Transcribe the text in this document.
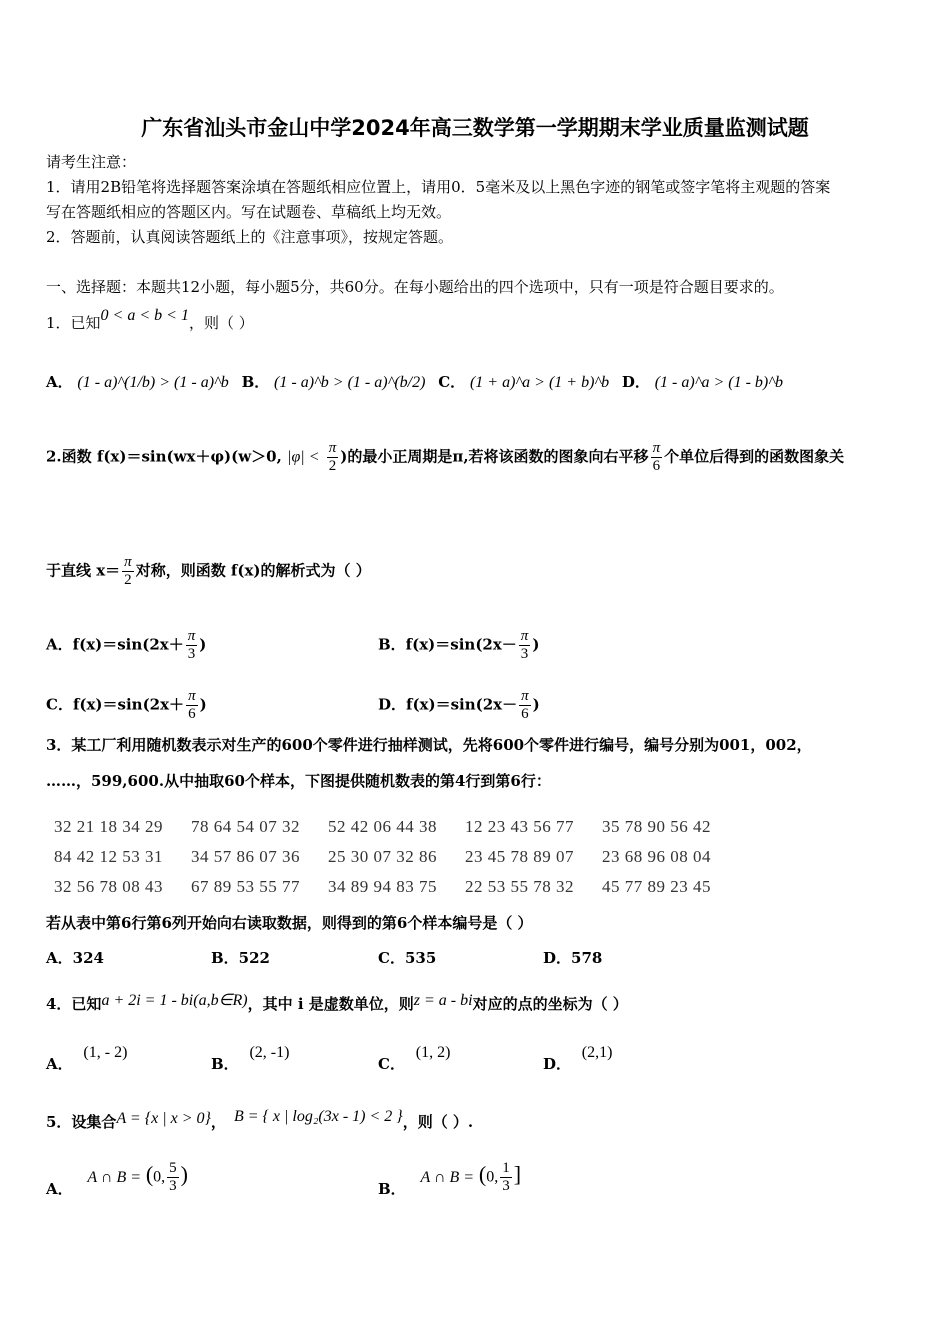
广东省汕头市金山中学2024年高三数学第一学期期末学业质量监测试题
请考生注意：
1．请用2B铅笔将选择题答案涂填在答题纸相应位置上，请用0．5毫米及以上黑色字迹的钢笔或签字笔将主观题的答案
写在答题纸相应的答题区内。写在试题卷、草稿纸上均无效。
2．答题前，认真阅读答题纸上的《注意事项》，按规定答题。
一、选择题：本题共12小题，每小题5分，共60分。在每小题给出的四个选项中，只有一项是符合题目要求的。
1．已知0 < a < b < 1，则（ ）
A． (1 - a)^(1/b) > (1 - a)^b B． (1 - a)^b > (1 - a)^(b/2) C． (1 + a)^a > (1 + b)^b D． (1 - a)^a > (1 - b)^b
2.函数 f(x)＝sin(wx＋φ)(w＞0, $|\varphi| < \frac{\pi}{2}$ )的最小正周期是π,若将该函数的图象向右平移 $\frac{\pi}{6}$ 个单位后得到的函数图象关
于直线 $x= \frac{\pi}{2}$ 对称，则函数 f(x)的解析式为（ ）
A．$f(x)=\sin(2x+ \frac{\pi}{3}$ )	B．$f(x)=\sin(2x- \frac{\pi}{3}$ )
C．$f(x)=\sin(2x+ \frac{\pi}{6}$ )	D．$f(x)=\sin(2x- \frac{\pi}{6}$ )
3．某工厂利用随机数表示对生产的600个零件进行抽样测试，先将600个零件进行编号，编号分别为001，002，
……，599,600.从中抽取60个样本，下图提供随机数表的第4行到第6行：
32 21 18 34 29	78 64 54 07 32	52 42 06 44 38	12 23 43 56 77	35 78 90 56 42
84 42 12 53 31	34 57 86 07 36	25 30 07 32 86	23 45 78 89 07	23 68 96 08 04
32 56 78 08 43	67 89 53 55 77	34 89 94 83 75	22 53 55 78 32	45 77 89 23 45
若从表中第6行第6列开始向右读取数据，则得到的第6个样本编号是（ ）
A．324	B．522	C．535	D．578
4．已知a + 2i = 1 - bi(a,b∈R)，其中 i 是虚数单位，则z = a - bi对应的点的坐标为（ ）
A． (1, - 2)
B． (2, -1)
C． (1, 2)
D． (2,1)
5．设集合A = {x | x > 0}， B = { x | log₂(3x - 1) < 2 }，则（ ）.
A． A ∩ B = (0, $\frac{5}{3}$ )
B． A ∩ B = (0, $\frac{1}{3}$ ]
